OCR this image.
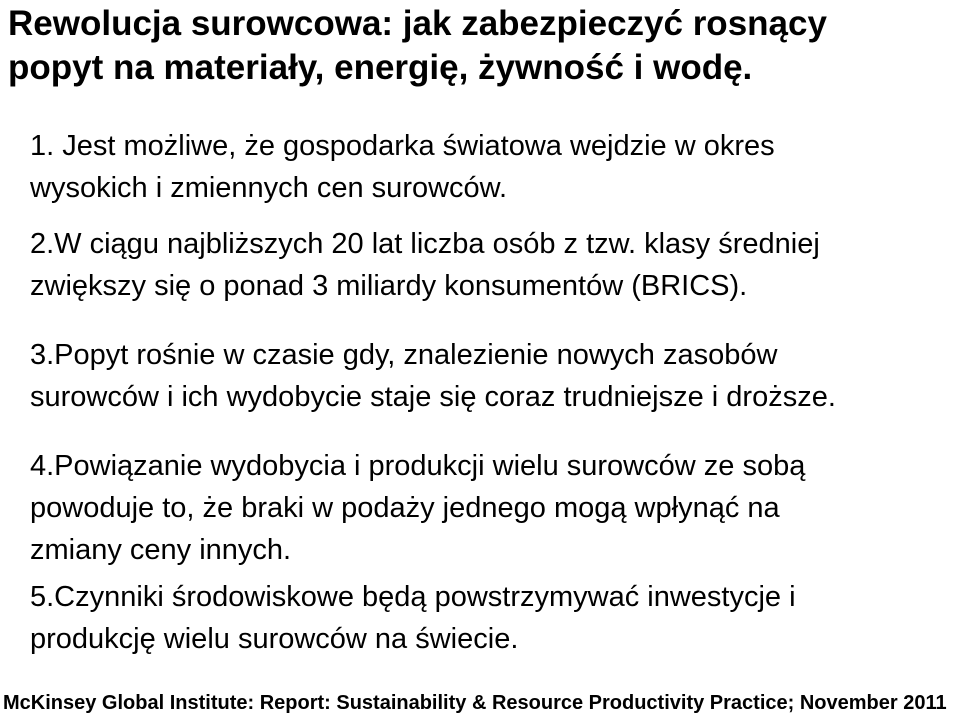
Rewolucja surowcowa: jak zabezpieczyć rosnący
popyt na materiały, energię, żywność i wodę.
1. Jest możliwe, że gospodarka światowa wejdzie w okres
wysokich i zmiennych cen surowców.
2.W ciągu najbliższych 20 lat liczba osób z tzw. klasy średniej
zwiększy się o ponad 3 miliardy konsumentów (BRICS).
3.Popyt rośnie w czasie gdy, znalezienie nowych zasobów
surowców i ich wydobycie staje się coraz trudniejsze i droższe.
4.Powiązanie wydobycia i produkcji wielu surowców ze sobą
powoduje to, że braki w podaży jednego mogą wpłynąć na
zmiany ceny innych.
5.Czynniki środowiskowe będą powstrzymywać inwestycje i
produkcję wielu surowców na świecie.
McKinsey Global Institute: Report: Sustainability & Resource Productivity Practice; November 2011
